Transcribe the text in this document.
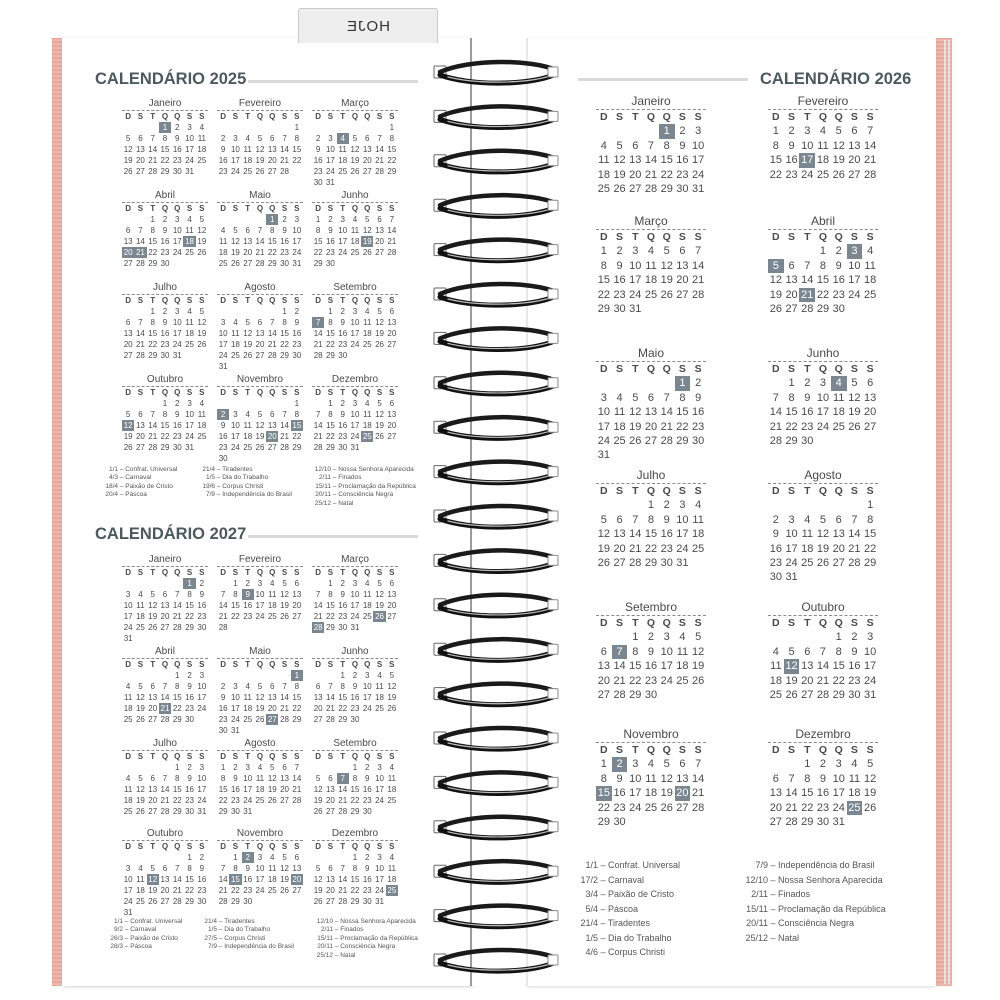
HOJE
CALENDÁRIO 2025
Janeiro
D S T Q Q S S
1 2 3 4
5 6 7 8 9 10 11
12 13 14 15 16 17 18
19 20 21 22 23 24 25
26 27 28 29 30 31
Fevereiro
D S T Q Q S S
1
2 3 4 5 6 7 8
9 10 11 12 13 14 15
16 17 18 19 20 21 22
23 24 25 26 27 28
Março
D S T Q Q S S
1
2 3 4 5 6 7 8
9 10 11 12 13 14 15
16 17 18 19 20 21 22
23 24 25 26 27 28 29
30 31
Abril
D S T Q Q S S
1 2 3 4 5
6 7 8 9 10 11 12
13 14 15 16 17 18 19
20 21 22 23 24 25 26
27 28 29 30
Maio
D S T Q Q S S
1 2 3
4 5 6 7 8 9 10
11 12 13 14 15 16 17
18 19 20 21 22 23 24
25 26 27 28 29 30 31
Junho
D S T Q Q S S
1 2 3 4 5 6 7
8 9 10 11 12 13 14
15 16 17 18 19 20 21
22 23 24 25 26 27 28
29 30
Julho
D S T Q Q S S
1 2 3 4 5
6 7 8 9 10 11 12
13 14 15 16 17 18 19
20 21 22 23 24 25 26
27 28 29 30 31
Agosto
D S T Q Q S S
1 2
3 4 5 6 7 8 9
10 11 12 13 14 15 16
17 18 19 20 21 22 23
24 25 26 27 28 29 30
31
Setembro
D S T Q Q S S
1 2 3 4 5 6
7 8 9 10 11 12 13
14 15 16 17 18 19 20
21 22 23 24 25 26 27
28 29 30
Outubro
D S T Q Q S S
1 2 3 4
5 6 7 8 9 10 11
12 13 14 15 16 17 18
19 20 21 22 23 24 25
26 27 28 29 30 31
Novembro
D S T Q Q S S
1
2 3 4 5 6 7 8
9 10 11 12 13 14 15
16 17 18 19 20 21 22
23 24 25 26 27 28 29
30
Dezembro
D S T Q Q S S
1 2 3 4 5 6
7 8 9 10 11 12 13
14 15 16 17 18 19 20
21 22 23 24 25 26 27
28 29 30 31
1/1 – Confrat. Universal
4/3 – Carnaval
18/4 – Paixão de Cristo
20/4 – Páscoa
21/4 – Tiradentes
1/5 – Dia do Trabalho
19/6 – Corpus Christi
7/9 – Independência do Brasil
12/10 – Nossa Senhora Aparecida
2/11 – Finados
15/11 – Proclamação da República
20/11 – Consciência Negra
25/12 – Natal
CALENDÁRIO 2027
Janeiro
D S T Q Q S S
1 2
3 4 5 6 7 8 9
10 11 12 13 14 15 16
17 18 19 20 21 22 23
24 25 26 27 28 29 30
31
Fevereiro
D S T Q Q S S
1 2 3 4 5 6
7 8 9 10 11 12 13
14 15 16 17 18 19 20
21 22 23 24 25 26 27
28
Março
D S T Q Q S S
1 2 3 4 5 6
7 8 9 10 11 12 13
14 15 16 17 18 19 20
21 22 23 24 25 26 27
28 29 30 31
Abril
D S T Q Q S S
1 2 3
4 5 6 7 8 9 10
11 12 13 14 15 16 17
18 19 20 21 22 23 24
25 26 27 28 29 30
Maio
D S T Q Q S S
1
2 3 4 5 6 7 8
9 10 11 12 13 14 15
16 17 18 19 20 21 22
23 24 25 26 27 28 29
30 31
Junho
D S T Q Q S S
1 2 3 4 5
6 7 8 9 10 11 12
13 14 15 16 17 18 19
20 21 22 23 24 25 26
27 28 29 30
Julho
D S T Q Q S S
1 2 3
4 5 6 7 8 9 10
11 12 13 14 15 16 17
18 19 20 21 22 23 24
25 26 27 28 29 30 31
Agosto
D S T Q Q S S
1 2 3 4 5 6 7
8 9 10 11 12 13 14
15 16 17 18 19 20 21
22 23 24 25 26 27 28
29 30 31
Setembro
D S T Q Q S S
1 2 3 4
5 6 7 8 9 10 11
12 13 14 15 16 17 18
19 20 21 22 23 24 25
26 27 28 29 30
Outubro
D S T Q Q S S
1 2
3 4 5 6 7 8 9
10 11 12 13 14 15 16
17 18 19 20 21 22 23
24 25 26 27 28 29 30
31
Novembro
D S T Q Q S S
1 2 3 4 5 6
7 8 9 10 11 12 13
14 15 16 17 18 19 20
21 22 23 24 25 26 27
28 29 30
Dezembro
D S T Q Q S S
1 2 3 4
5 6 7 8 9 10 11
12 13 14 15 16 17 18
19 20 21 22 23 24 25
26 27 28 29 30 31
1/1 – Confrat. Universal
9/2 – Carnaval
26/3 – Paixão de Cristo
28/3 – Páscoa
21/4 – Tiradentes
1/5 – Dia do Trabalho
27/5 – Corpus Christi
7/9 – Independência do Brasil
12/10 – Nossa Senhora Aparecida
2/11 – Finados
15/11 – Proclamação da República
20/11 – Consciência Negra
25/12 – Natal
CALENDÁRIO 2026
Janeiro
D S T Q Q S S
1 2 3
4 5 6 7 8 9 10
11 12 13 14 15 16 17
18 19 20 21 22 23 24
25 26 27 28 29 30 31
Fevereiro
D S T Q Q S S
1 2 3 4 5 6 7
8 9 10 11 12 13 14
15 16 17 18 19 20 21
22 23 24 25 26 27 28
Março
D S T Q Q S S
1 2 3 4 5 6 7
8 9 10 11 12 13 14
15 16 17 18 19 20 21
22 23 24 25 26 27 28
29 30 31
Abril
D S T Q Q S S
1 2 3 4
5 6 7 8 9 10 11
12 13 14 15 16 17 18
19 20 21 22 23 24 25
26 27 28 29 30
Maio
D S T Q Q S S
1 2
3 4 5 6 7 8 9
10 11 12 13 14 15 16
17 18 19 20 21 22 23
24 25 26 27 28 29 30
31
Junho
D S T Q Q S S
1 2 3 4 5 6
7 8 9 10 11 12 13
14 15 16 17 18 19 20
21 22 23 24 25 26 27
28 29 30
Julho
D S T Q Q S S
1 2 3 4
5 6 7 8 9 10 11
12 13 14 15 16 17 18
19 20 21 22 23 24 25
26 27 28 29 30 31
Agosto
D S T Q Q S S
1
2 3 4 5 6 7 8
9 10 11 12 13 14 15
16 17 18 19 20 21 22
23 24 25 26 27 28 29
30 31
Setembro
D S T Q Q S S
1 2 3 4 5
6 7 8 9 10 11 12
13 14 15 16 17 18 19
20 21 22 23 24 25 26
27 28 29 30
Outubro
D S T Q Q S S
1 2 3
4 5 6 7 8 9 10
11 12 13 14 15 16 17
18 19 20 21 22 23 24
25 26 27 28 29 30 31
Novembro
D S T Q Q S S
1 2 3 4 5 6 7
8 9 10 11 12 13 14
15 16 17 18 19 20 21
22 23 24 25 26 27 28
29 30
Dezembro
D S T Q Q S S
1 2 3 4 5
6 7 8 9 10 11 12
13 14 15 16 17 18 19
20 21 22 23 24 25 26
27 28 29 30 31
1/1 – Confrat. Universal
17/2 – Carnaval
3/4 – Paixão de Cristo
5/4 – Páscoa
21/4 – Tiradentes
1/5 – Dia do Trabalho
4/6 – Corpus Christi
7/9 – Independência do Brasil
12/10 – Nossa Senhora Aparecida
2/11 – Finados
15/11 – Proclamação da República
20/11 – Consciência Negra
25/12 – Natal
